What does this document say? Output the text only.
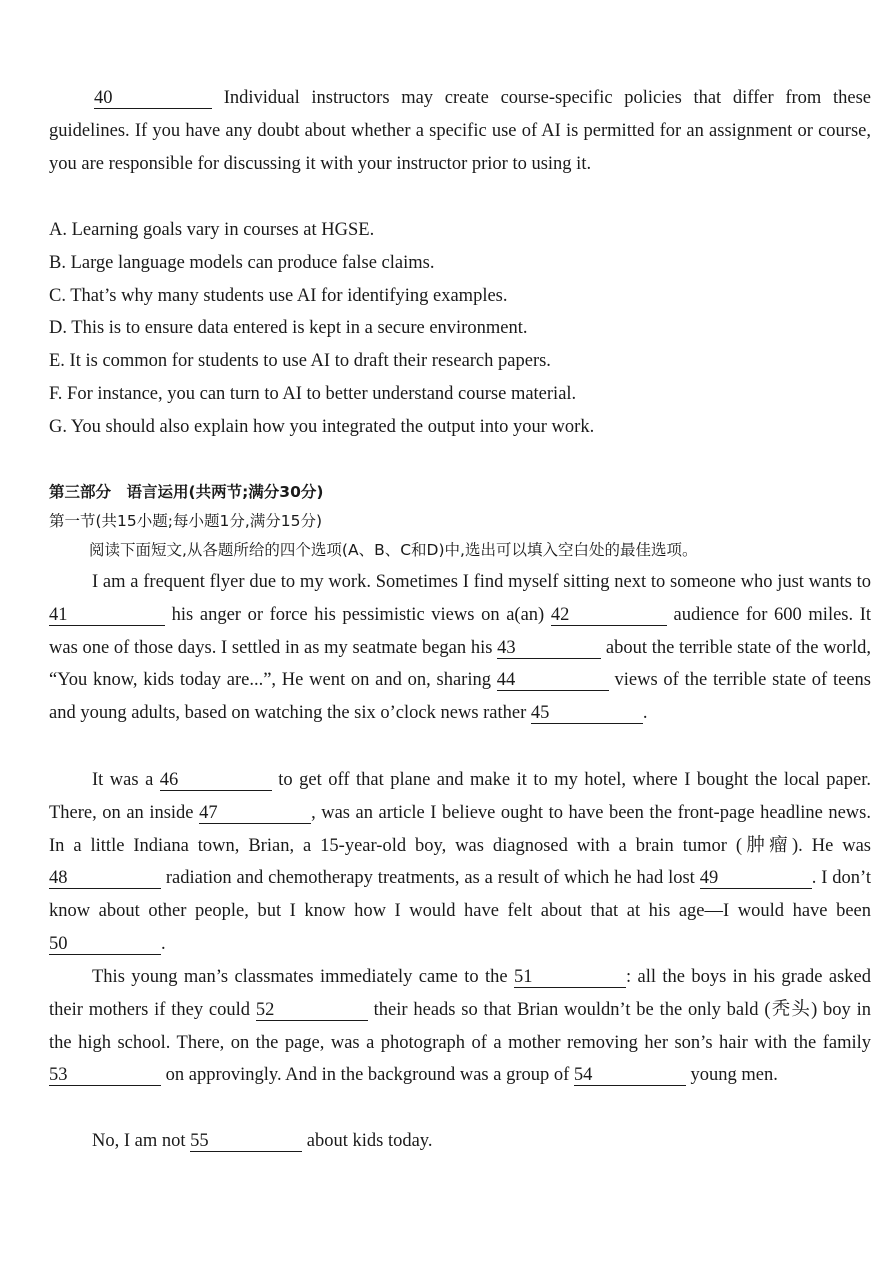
40	Individual instructors may create course-specific policies that differ from these guidelines. If you have any doubt about whether a specific use of AI is permitted for an assignment or course, you are responsible for discussing it with your instructor prior to using it.

A. Learning goals vary in courses at HGSE.
B. Large language models can produce false claims.
C. That’s why many students use AI for identifying examples.
D. This is to ensure data entered is kept in a secure environment.
E. It is common for students to use AI to draft their research papers.
F. For instance, you can turn to AI to better understand course material.
G. You should also explain how you integrated the output into your work.

第三部分　语言运用(共两节;满分30分)

第一节(共15小题;每小题1分,满分15分)

阅读下面短文,从各题所给的四个选项(A、B、C和D)中,选出可以填入空白处的最佳选项。

I am a frequent flyer due to my work. Sometimes I find myself sitting next to someone who just wants to 41	his anger or force his pessimistic views on a(an) 42	audience for 600 miles. It was one of those days. I settled in as my seatmate began his 43	about the terrible state of the world, “You know, kids today are...”, He went on and on, sharing 44	views of the terrible state of teens and young adults, based on watching the six o’clock news rather 45	.

It was a 46	to get off that plane and make it to my hotel, where I bought the local paper. There, on an inside 47	, was an article I believe ought to have been the front-page headline news. In a little Indiana town, Brian, a 15-year-old boy, was diagnosed with a brain tumor (肿瘤). He was 48	radiation and chemotherapy treatments, as a result of which he had lost 49	. I don’t know about other people, but I know how I would have felt about that at his age—I would have been 50	.

This young man’s classmates immediately came to the 51	: all the boys in his grade asked their mothers if they could 52	their heads so that Brian wouldn’t be the only bald (秃头) boy in the high school. There, on the page, was a photograph of a mother removing her son’s hair with the family 53	on approvingly. And in the background was a group of 54	young men.

No, I am not 55	about kids today.
